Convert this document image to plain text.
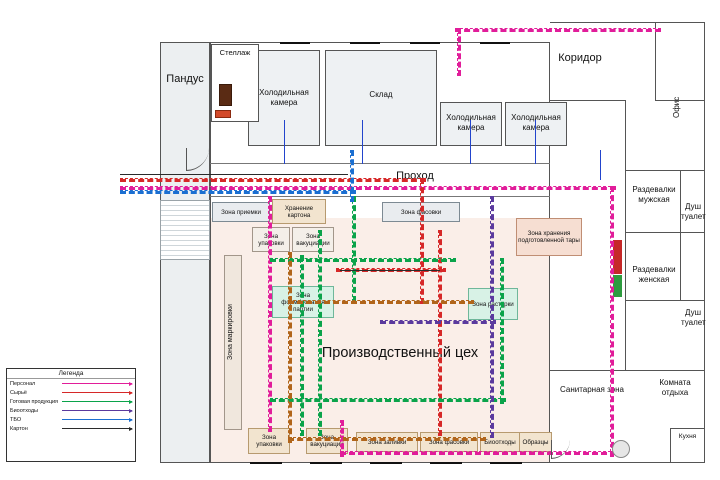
Пандус
Санитарная зона
Холодильная камера
Склад
Холодильная камера
Холодильная камера
Стеллаж	Коридор
Офис
Проход
Раздевалки мужская
Душ туалет
Раздевалки женская
Душ туалет
Комната отдыха
Кухня
Зона приемки
Хранение картона	Зона фасовки
Зона хранения подготовленной тары
Зона упаковки
Зона вакуциации
Зона формирования партии
Зона растарки
Зона упаковки
Зона вакуциации	Зона заливки	Зона фасовки	Биоотходы	Образцы
Зона маркировки	Производственный цех
Легенда
Персонал
Сырьё
Готовая продукция
Биоотходы
ТБО
Картон
